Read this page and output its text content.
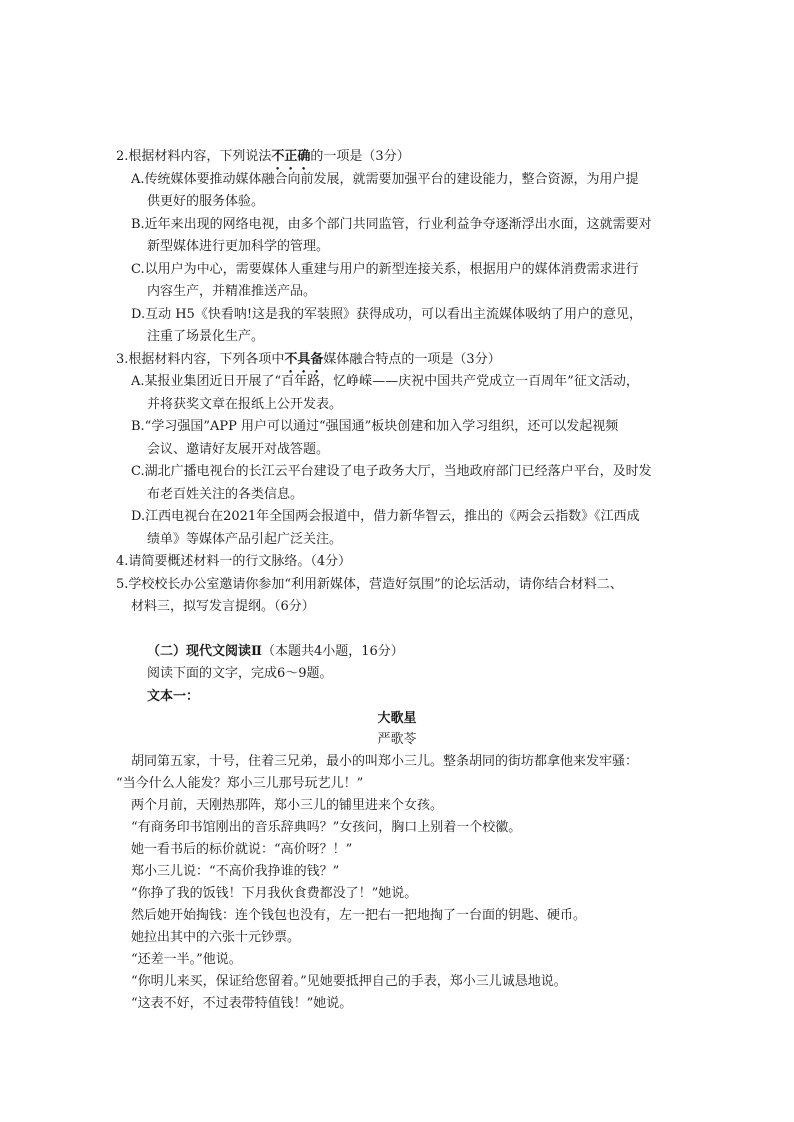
2.根据材料内容，下列说法不正确的一项是（3分）
A.传统媒体要推动媒体融合向前发展，就需要加强平台的建设能力，整合资源，为用户提
供更好的服务体验。
B.近年来出现的网络电视，由多个部门共同监管，行业利益争夺逐渐浮出水面，这就需要对
新型媒体进行更加科学的管理。
C.以用户为中心，需要媒体人重建与用户的新型连接关系，根据用户的媒体消费需求进行
内容生产，并精准推送产品。
D.互动 H5《快看呐!这是我的军装照》获得成功，可以看出主流媒体吸纳了用户的意见，
注重了场景化生产。
3.根据材料内容，下列各项中不具备媒体融合特点的一项是（3分）
A.某报业集团近日开展了“百年路，忆峥嵘——庆祝中国共产党成立一百周年”征文活动，
并将获奖文章在报纸上公开发表。
B.“学习强国”APP 用户可以通过“强国通”板块创建和加入学习组织，还可以发起视频
会议、邀请好友展开对战答题。
C.湖北广播电视台的长江云平台建设了电子政务大厅，当地政府部门已经落户平台，及时发
布老百姓关注的各类信息。
D.江西电视台在2021年全国两会报道中，借力新华智云，推出的《两会云指数》《江西成
绩单》等媒体产品引起广泛关注。
4.请简要概述材料一的行文脉络。（4分）
5.学校校长办公室邀请你参加“利用新媒体，营造好氛围”的论坛活动，请你结合材料二、
材料三，拟写发言提纲。（6分）
（二）现代文阅读Ⅱ（本题共4小题，16分）
阅读下面的文字，完成6～9题。
文本一：
大歌星
严歌苓
胡同第五家，十号，住着三兄弟，最小的叫郑小三儿。整条胡同的街坊都拿他来发牢骚：
“当今什么人能发？郑小三儿那号玩艺儿！”
两个月前，天刚热那阵，郑小三儿的铺里进来个女孩。
“有商务印书馆刚出的音乐辞典吗？”女孩问，胸口上别着一个校徽。
她一看书后的标价就说：“高价呀？！”
郑小三儿说：“不高价我挣谁的钱？”
“你挣了我的饭钱！下月我伙食费都没了！”她说。
然后她开始掏钱：连个钱包也没有，左一把右一把地掏了一台面的钥匙、硬币。
她拉出其中的六张十元钞票。
“还差一半。”他说。
“你明儿来买，保证给您留着。”见她要抵押自己的手表，郑小三儿诚恳地说。
“这表不好，不过表带特值钱！”她说。
